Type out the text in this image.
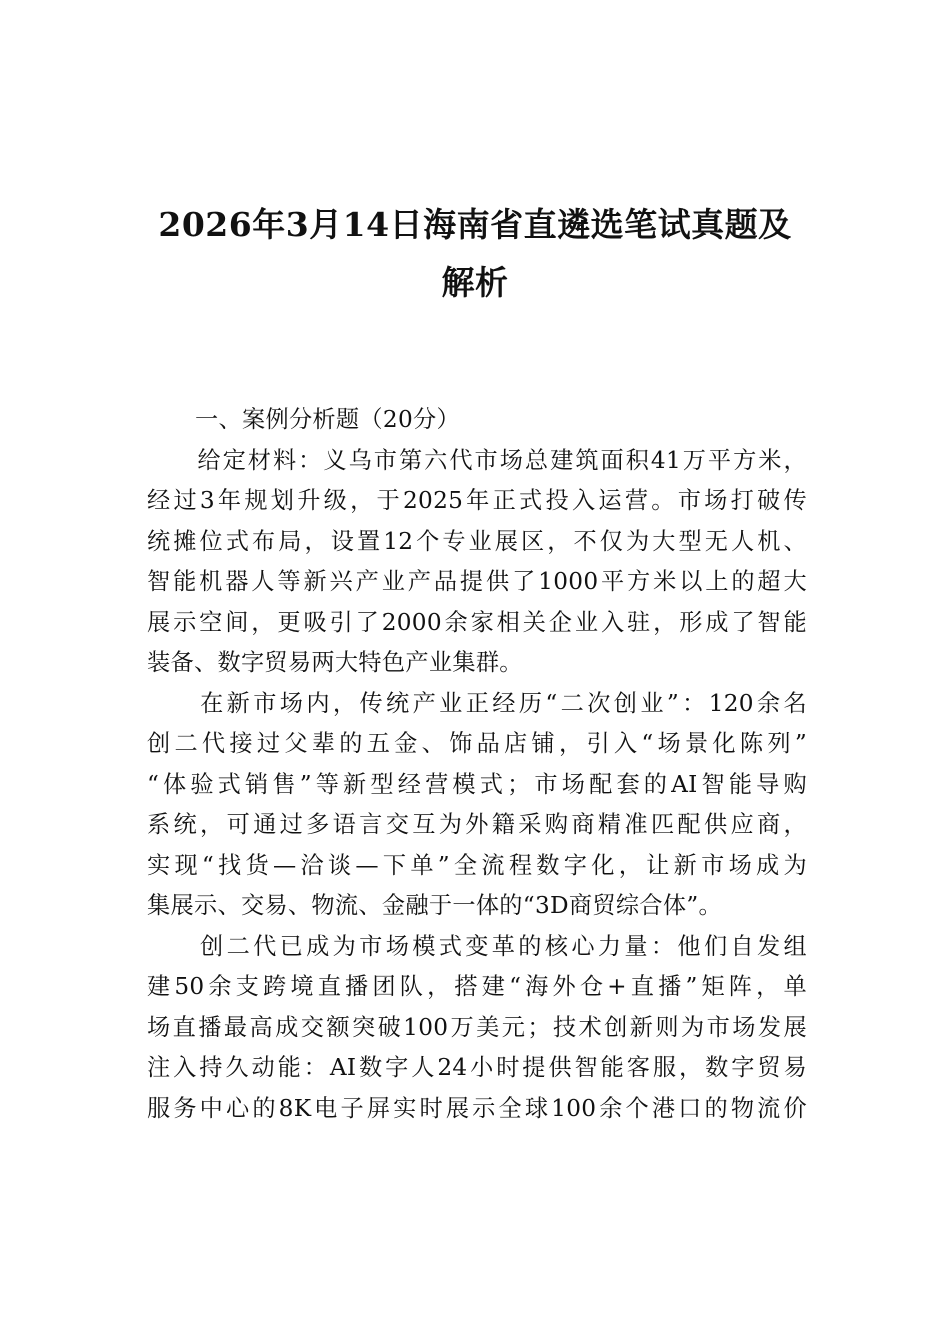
2026年3月14日海南省直遴选笔试真题及
解析

一、案例分析题（20分）

　　给定材料：义乌市第六代市场总建筑面积41万平方米，
经过3年规划升级，于2025年正式投入运营。市场打破传
统摊位式布局，设置12个专业展区，不仅为大型无人机、
智能机器人等新兴产业产品提供了1000平方米以上的超大
展示空间，更吸引了2000余家相关企业入驻，形成了智能
装备、数字贸易两大特色产业集群。

　　在新市场内，传统产业正经历“二次创业”：120余名
创二代接过父辈的五金、饰品店铺，引入“场景化陈列”
“体验式销售”等新型经营模式；市场配套的AI智能导购
系统，可通过多语言交互为外籍采购商精准匹配供应商，
实现“找货—洽谈—下单”全流程数字化，让新市场成为
集展示、交易、物流、金融于一体的“3D商贸综合体”。

　　创二代已成为市场模式变革的核心力量：他们自发组
建50余支跨境直播团队，搭建“海外仓+直播”矩阵，单
场直播最高成交额突破100万美元；技术创新则为市场发展
注入持久动能：AI数字人24小时提供智能客服，数字贸易
服务中心的8K电子屏实时展示全球100余个港口的物流价
